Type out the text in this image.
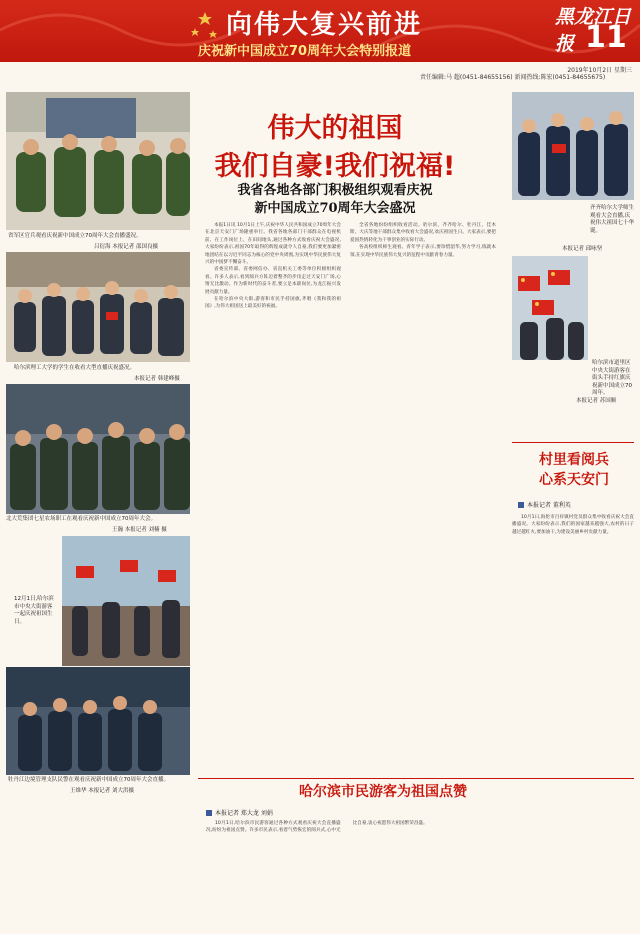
向伟大复兴前进
庆祝新中国成立70周年大会特别报道
黑龙江日报 11
2019年10月2日 星期三
责任编辑:马 超(0451-84655156) 新闻热线:陈宏(0451-84655675)
省军区官兵观看庆祝新中国成立70周年大会直播盛况。
吕衍海 本报记者 邵国良摄
哈尔滨理工大学的学生在收看大型直播庆祝盛况。
本报记者 韩建峰摄
北大荒集团七星农场职工在观看庆祝新中国成立70周年大会。
王瀚 本报记者 刘楠 摄
12月1日,哈尔滨市中央大街游客一起庆祝祖国生日。
牡丹江边境管理支队民警在观看庆祝新中国成立70周年大会直播。
王维华 本报记者 刘大洪摄
伟大的祖国
我们自豪!我们祝福!
我省各地各部门积极组织观看庆祝
新中国成立70周年大会盛况

本报1日讯 10月1日上午,庆祝中华人民共和国成立70周年大会在北京天安门广场隆重举行。我省各地各部门干部群众在电视机前、在工作岗位上、在田间地头,通过各种方式收看庆祝大会盛况,大家纷纷表示,祖国70年取得的辉煌成就令人自豪,我们要更加紧密地团结在以习近平同志为核心的党中央周围,为实现中华民族伟大复兴的中国梦不懈奋斗。

省委宣传部、省委网信办、省直机关工委等单位积极组织观看。许多人表示,看到阅兵方阵迈着整齐的步伐走过天安门广场,心情无比激动。作为新时代的奋斗者,要立足本职岗位,为龙江振兴发展贡献力量。

在哈尔滨中央大街,游客和市民手持国旗,齐唱《我和我的祖国》,为伟大祖国送上最美好的祝福。

全省各地纷纷组织收看活动。哈尔滨、齐齐哈尔、牡丹江、佳木斯、大庆等地干部群众集中收看大会盛况,欢庆祖国生日。大家表示,要把爱国热情转化为干事创业的实际行动。

各高校组织师生观看。青年学子表示,要珍惜韶华,努力学习,练就本领,在实现中华民族伟大复兴的征程中贡献青春力量。

齐齐哈尔大学师生观看大会直播,庆祝伟大祖国七十华诞。
本报记者 邱咏坚
哈尔滨市道里区中央大街游客在街头手持红旗庆祝新中国成立70周年。
本报记者 苏国顺
村里看阅兵
心系天安门
本报记者 董利英

10月1日,海伦市百祥镇村党员群众集中收看庆祝大会直播盛况。大家纷纷表示,我们的国家越来越强大,农村的日子越过越红火,要加油干,为建设美丽乡村贡献力量。

哈尔滨市民游客为祖国点赞
本报记者 郑大龙 刘娟

10月1日,哈尔滨市民游客通过各种方式观看庆祝大会直播盛况,纷纷为祖国点赞。许多市民表示,看着气势恢宏的阅兵式,心中无比自豪,衷心祝愿伟大祖国繁荣昌盛。
